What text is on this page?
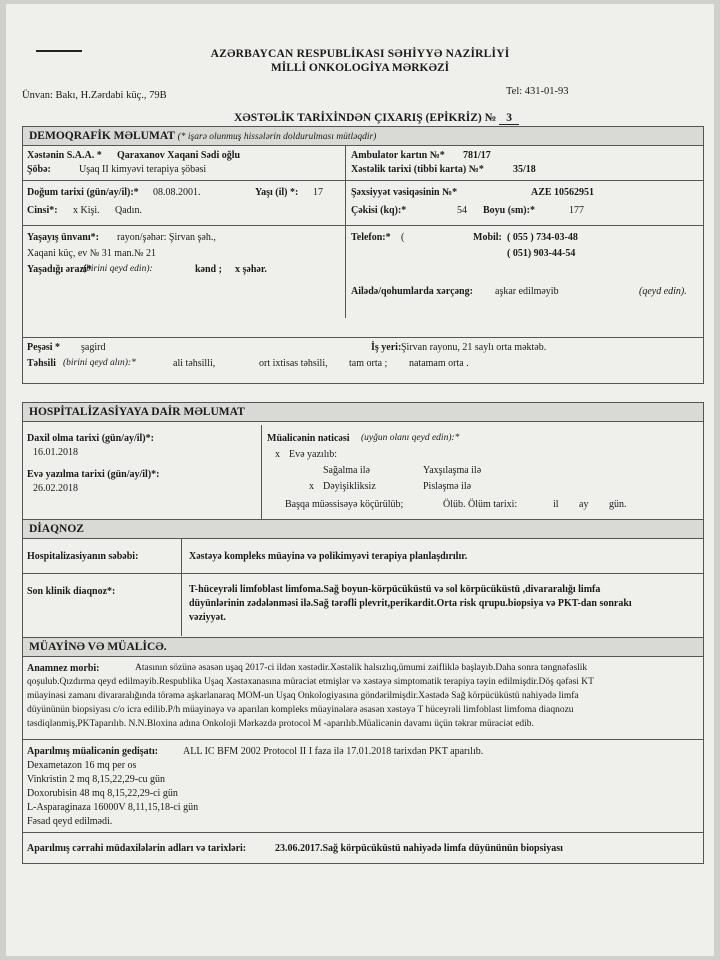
AZƏRBAYCAN RESPUBLİKASI SƏHİYYƏ NAZİRLİYİ
MİLLİ ONKOLOGİYA MƏRKƏZİ
Ünvan: Bakı, H.Zərdabi küç., 79B	Tel: 431-01-93
XƏSTƏLİK TARİXİNDƏN ÇIXARIŞ (EPİKRİZ) № 3
DEMOQRAFİK MƏLUMAT (* işarə olunmuş hissələrin doldurulması mütləqdir)
Xəstənin S.A.A. * Qaraxanov Xaqani Sədi oğlu
Şöbə:	Uşaq II kimyəvi terapiya şöbəsi
Ambulator kartın №* 781/17
Xəstəlik tarixi (tibbi karta) №*	35/18
Doğum tarixi (gün/ay/il):* 08.08.2001.	Yaşı (il) *: 17
Cinsi*: x Kişi. Qadın.
Şəxsiyyət vəsiqəsinin №*	AZE 10562951
Çəkisi (kq):*	54 Boyu (sm):*	177
Yaşayış ünvanı*: rayon/şəhər: Şirvan şəh.,
Xaqani küç, ev № 31 man.№ 21
Yaşadığı ərazi*
(birini qeyd edin):	kənd ; x şəhər.
Telefon:* (	Mobil: ( 055 ) 734-03-48
( 051) 903-44-54
Ailədə/qohumlarda xərçəng: aşkar edilməyib	(qeyd edin).
Peşəsi * şagird	İş yeri: Şirvan rayonu, 21 saylı orta məktəb.
Təhsili (birini qeyd alın):*	ali təhsilli,	ort ixtisas təhsili, tam orta ; natamam orta .
HOSPİTALİZASİYAYA DAİR MƏLUMAT
Daxil olma tarixi (gün/ay/il)*:
16.01.2018
Evə yazılma tarixi (gün/ay/il)*:
26.02.2018
Müalicənin nəticəsi (uyğun olanı qeyd edin):*
x Evə yazılıb:
Sağalma ilə	Yaxşılaşma ilə
x Dəyişikliksiz	Pisləşmə ilə
Başqa müəssisəyə köçürülüb;	Ölüb. Ölüm tarixi:	il ay gün.
DİAQNOZ
Hospitalizasiyanın səbəbi:	Xəstəyə kompleks müayinə və polikimyəvi terapiya planlaşdırılır.
Son klinik diaqnoz*:	T-hüceyrəli limfoblast limfoma.Sağ boyun-körpücüküstü və sol körpücüküstü ,divararalığı limfa
düyünlərinin zədələnməsi ilə.Sağ tərəfli plevrit,perikardit.Orta risk qrupu.biopsiya və PKT-dan sonrakı
vəziyyət.
MÜAYİNƏ VƏ MÜALİCƏ.
Anamnez morbi:	Atasının sözünə əsasən uşaq 2017-ci ildən xəstədir.Xəstəlik halsızlıq,ümumi zəifliklə başlayıb.Daha sonra təngnəfəslik
qoşulub.Qızdırma qeyd edilməyib.Respublika Uşaq Xəstəxanasına müraciət etmişlər və xəstəyə simptomatik terapiya təyin edilmişdir.Döş qəfəsi KT
müayinəsi zamanı divararalığında törəmə aşkarlanaraq MOM-un Uşaq Onkologiyasına göndərilmişdir.Xəstədə Sağ körpücüküstü nahiyədə limfa
düyününün biopsiyası c/o icra edilib.P/h müayinəyə və aparılan kompleks müayinələrə əsasən xəstəyə T hüceyrəli limfoblast limfoma diaqnozu
təsdiqlənmiş,PKTaparılıb. N.N.Bloxina adına Onkoloji Mərkəzdə protocol M -aparılıb.Müalicənin davamı üçün təkrar müraciət edib.
Aparılmış müalicənin gedişatı: ALL IC BFM 2002 Protocol II I faza ilə 17.01.2018 tarixdən PKT aparılıb.
Dexametazon 16 mq per os
Vinkristin 2 mq 8,15,22,29-cu gün
Doxorubisin 48 mq 8,15,22,29-ci gün
L-Asparaginaza 16000V 8,11,15,18-ci gün
Fəsad qeyd edilmədi.
Aparılmış cərrahi müdaxilələrin adları və tarixləri:	23.06.2017.Sağ körpücüküstü nahiyədə limfa düyününün biopsiyası
